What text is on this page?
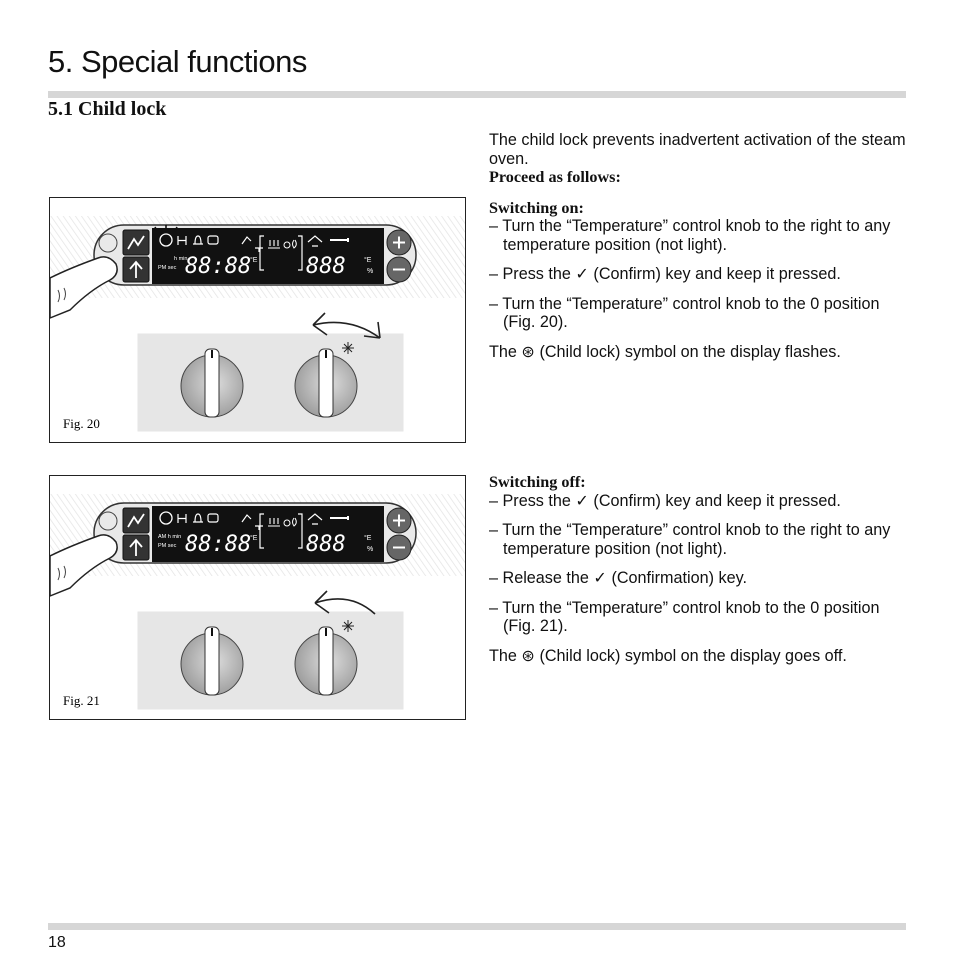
5. Special functions
5.1 Child lock

The child lock prevents inadvertent activation of the steam oven.

Proceed as follows:

Switching on:

– Turn the “Temperature” control knob to the right to any temperature position (not light).

– Press the ✓ (Confirm) key and keep it pressed.

– Turn the “Temperature” control knob to the 0 position (Fig. 20).

The ⊛ (Child lock) symbol on the display flashes.

Switching off:

– Press the ✓ (Confirm) key and keep it pressed.

– Turn the “Temperature” control knob to the right to any temperature position (not light).

– Release the ✓ (Confirmation) key.

– Turn the “Temperature” control knob to the 0 position (Fig. 21).

The ⊛ (Child lock) symbol on the display goes off.

h min
PM sec 88:88
°E 888	°E
%
Fig. 20
AM h min
PM sec 88:88
°E 888	°E
%
Fig. 21
18
